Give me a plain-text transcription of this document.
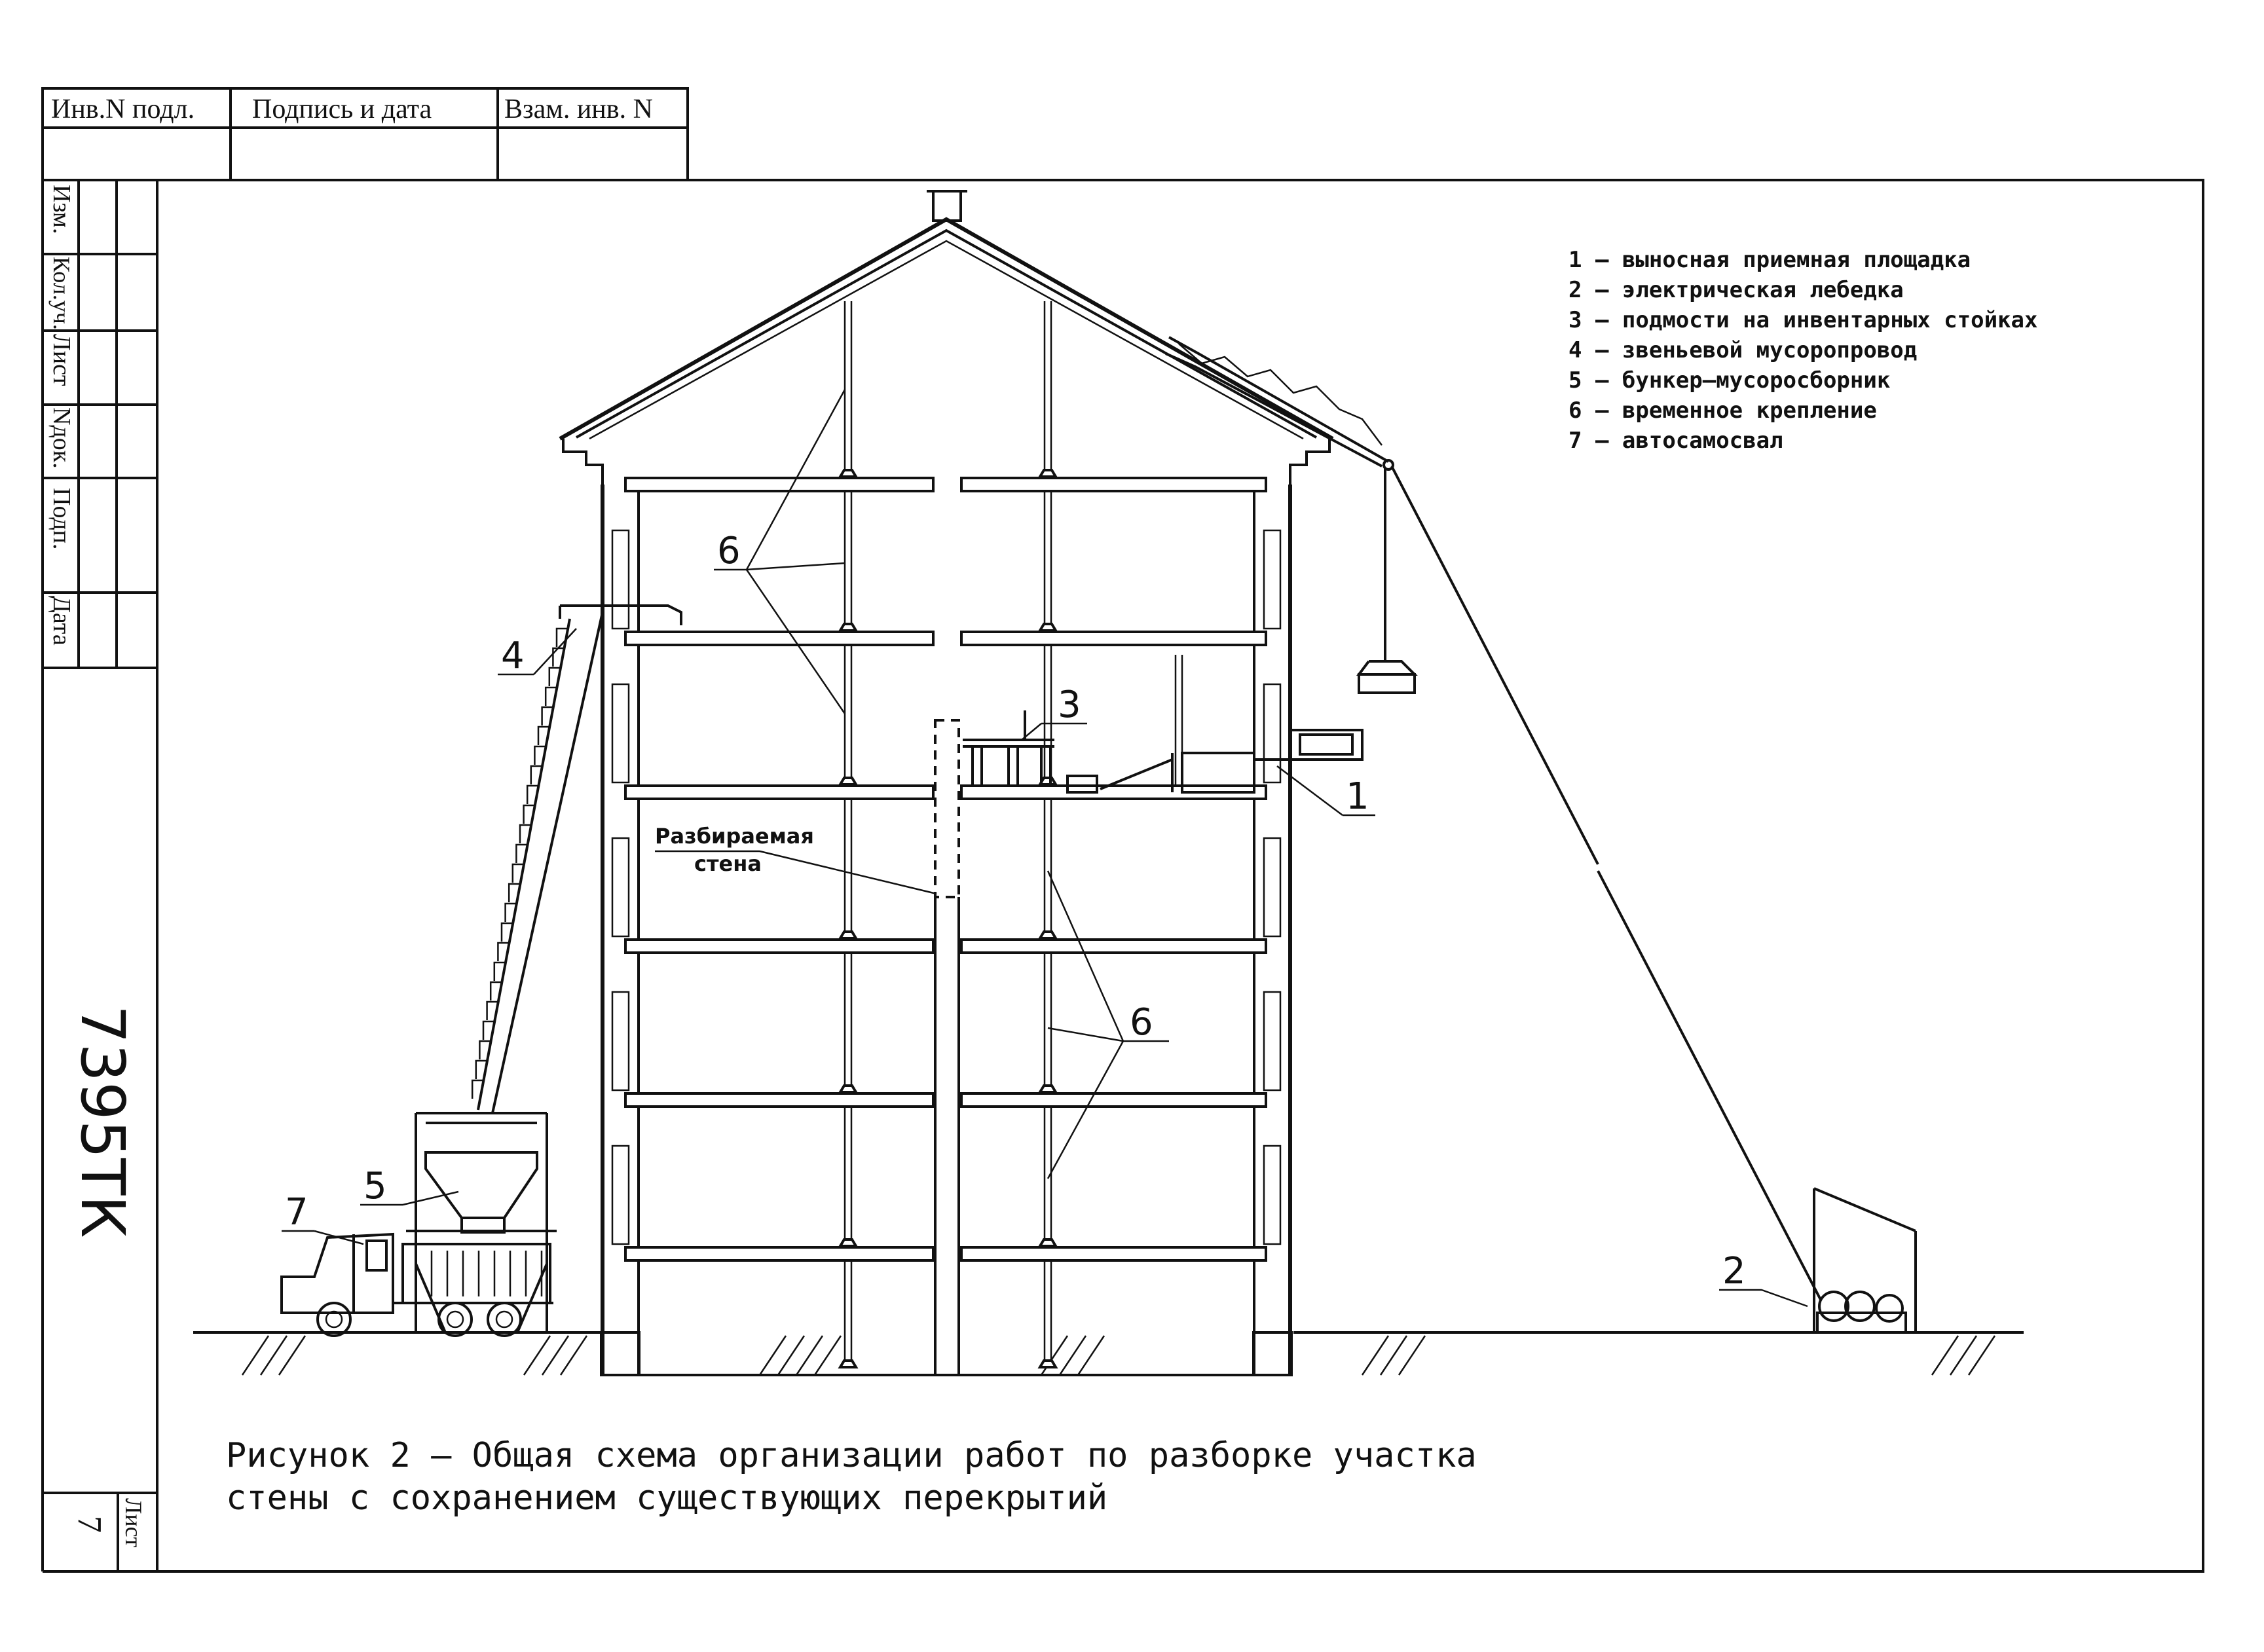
Инв.N подл. Подпись и дата	Взам. инв. N
Изм.
Кол.уч.
Лист
Nдок.
Подп.
Дата
7395ТК
Лист
7
6
6
3
1
2
4
5
7
Разбираемая
стена
1 – выносная приемная площадка
2 – электрическая лебедка
3 – подмости на инвентарных стойках
4 – звеньевой мусоропровод
5 – бункер–мусоросборник
6 – временное крепление
7 – автосамосвал
Рисунок 2 – Общая схема организации работ по разборке участка
стены с сохранением существующих перекрытий
